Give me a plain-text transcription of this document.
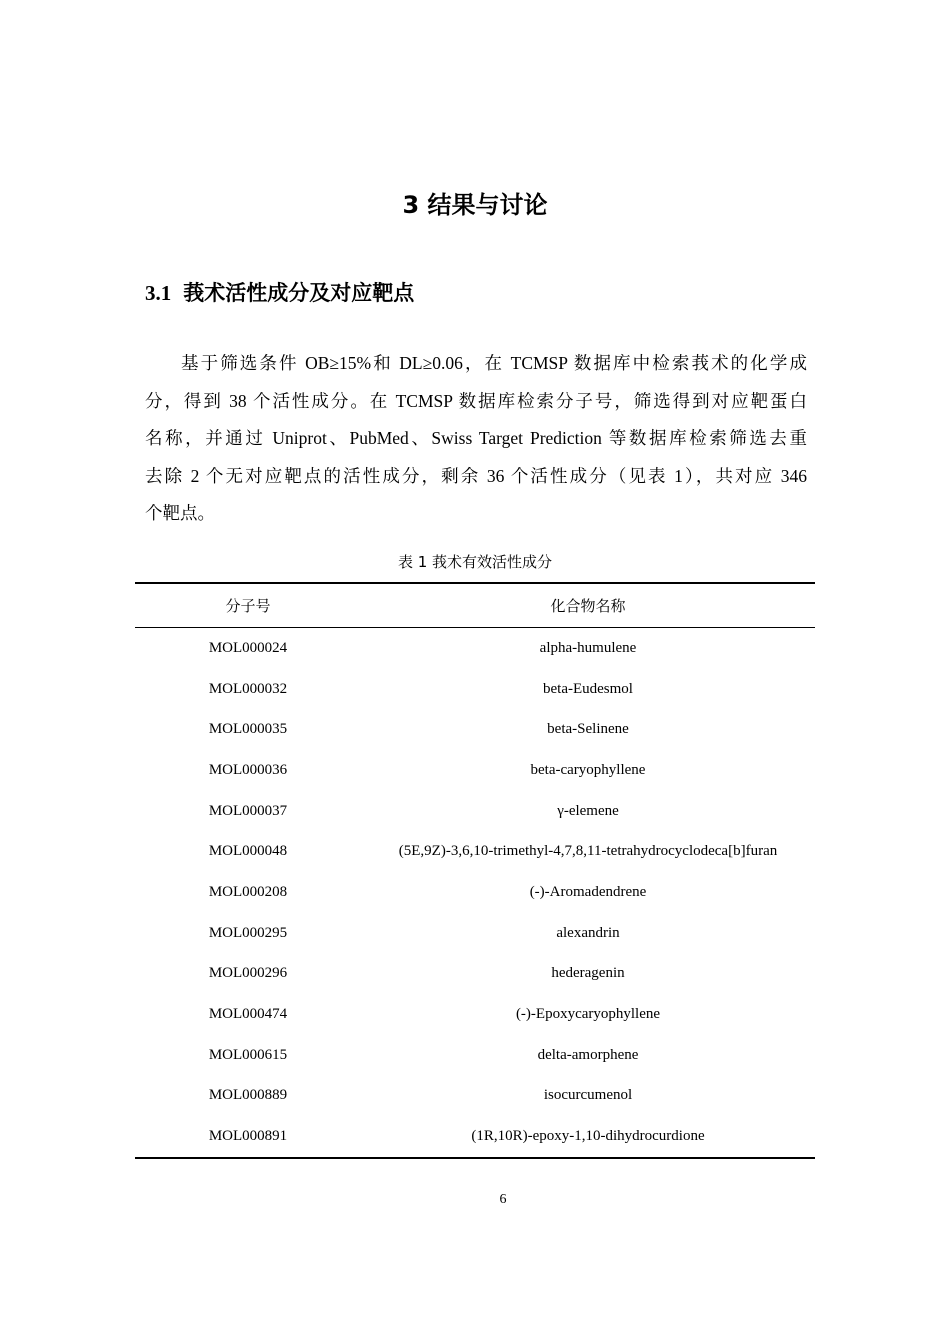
3 结果与讨论
3.1 莪术活性成分及对应靶点
基于筛选条件 OB≥15%和 DL≥0.06，在 TCMSP 数据库中检索莪术的化学成
分，得到 38 个活性成分。在 TCMSP 数据库检索分子号，筛选得到对应靶蛋白
名称，并通过 Uniprot、PubMed、Swiss Target Prediction 等数据库检索筛选去重
去除 2 个无对应靶点的活性成分，剩余 36 个活性成分（见表 1），共对应 346
个靶点。
表 1 莪术有效活性成分
分子号	化合物名称
MOL000024	alpha-humulene
MOL000032	beta-Eudesmol
MOL000035	beta-Selinene
MOL000036	beta-caryophyllene
MOL000037	γ-elemene
MOL000048	(5E,9Z)-3,6,10-trimethyl-4,7,8,11-tetrahydrocyclodeca[b]furan
MOL000208	(-)-Aromadendrene
MOL000295	alexandrin
MOL000296	hederagenin
MOL000474	(-)-Epoxycaryophyllene
MOL000615	delta-amorphene
MOL000889	isocurcumenol
MOL000891	(1R,10R)-epoxy-1,10-dihydrocurdione
6
